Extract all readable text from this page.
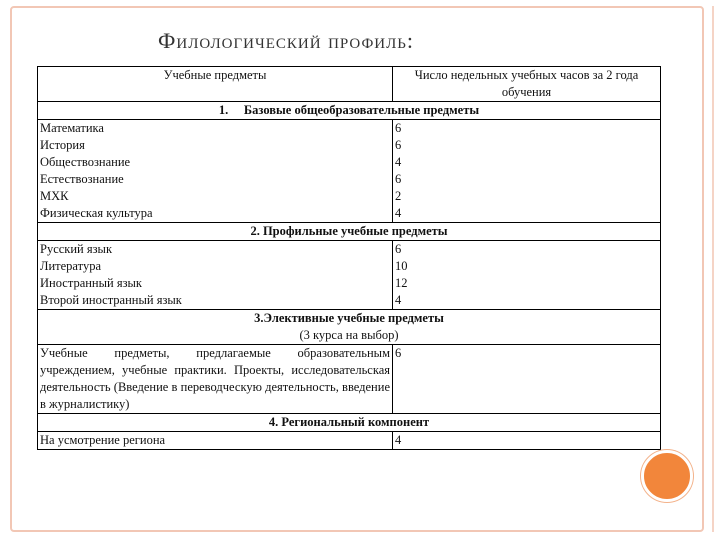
Филологический профиль:
Учебные предметы	Число недельных учебных часов за 2 года обучения
1. Базовые общеобразовательные предметы	
Математика	6
История	6
Обществознание	4
Естествознание	6
МХК	2
Физическая культура	4
2. Профильные учебные предметы	
Русский язык	6
Литература	10
Иностранный язык	12
Второй иностранный язык	4
3.Элективные учебные предметы
(3 курса на выбор)	

Учебные предметы, предлагаемые образовательным учреждением, учебные практики. Проекты, исследовательская деятельность (Введение в переводческую деятельность, введение в журналистику)	6
4. Региональный компонент	
На усмотрение региона	4
